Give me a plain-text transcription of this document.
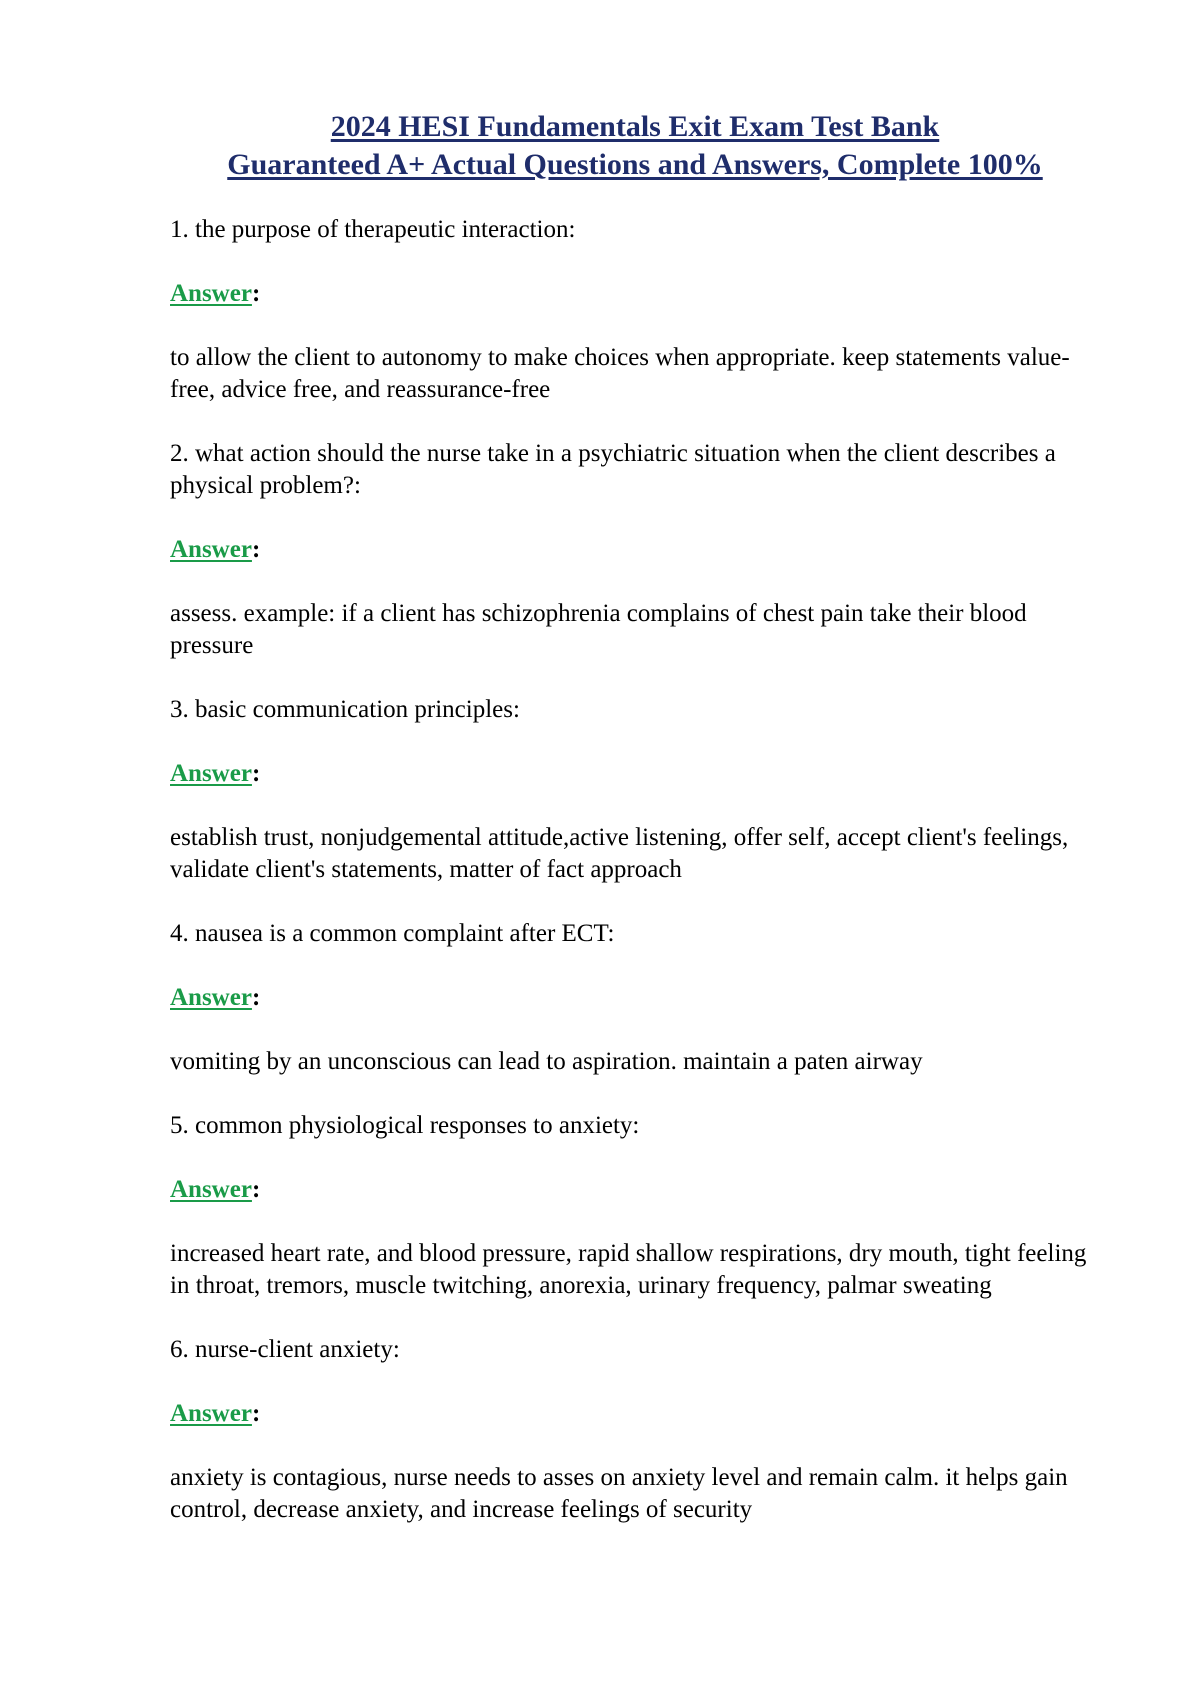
2024 HESI Fundamentals Exit Exam Test Bank
Guaranteed A+ Actual Questions and Answers, Complete 100%

1. the purpose of therapeutic interaction:

Answer:

to allow the client to autonomy to make choices when appropriate. keep statements value-free, advice free, and reassurance-free

2. what action should the nurse take in a psychiatric situation when the client describes a physical problem?:

Answer:

assess. example: if a client has schizophrenia complains of chest pain take their blood pressure

3. basic communication principles:

Answer:

establish trust, nonjudgemental attitude,active listening, offer self, accept client's feelings, validate client's statements, matter of fact approach

4. nausea is a common complaint after ECT:

Answer:

vomiting by an unconscious can lead to aspiration. maintain a paten airway

5. common physiological responses to anxiety:

Answer:

increased heart rate, and blood pressure, rapid shallow respirations, dry mouth, tight feeling in throat, tremors, muscle twitching, anorexia, urinary frequency, palmar sweating

6. nurse-client anxiety:

Answer:

anxiety is contagious, nurse needs to asses on anxiety level and remain calm. it helps gain control, decrease anxiety, and increase feelings of security
